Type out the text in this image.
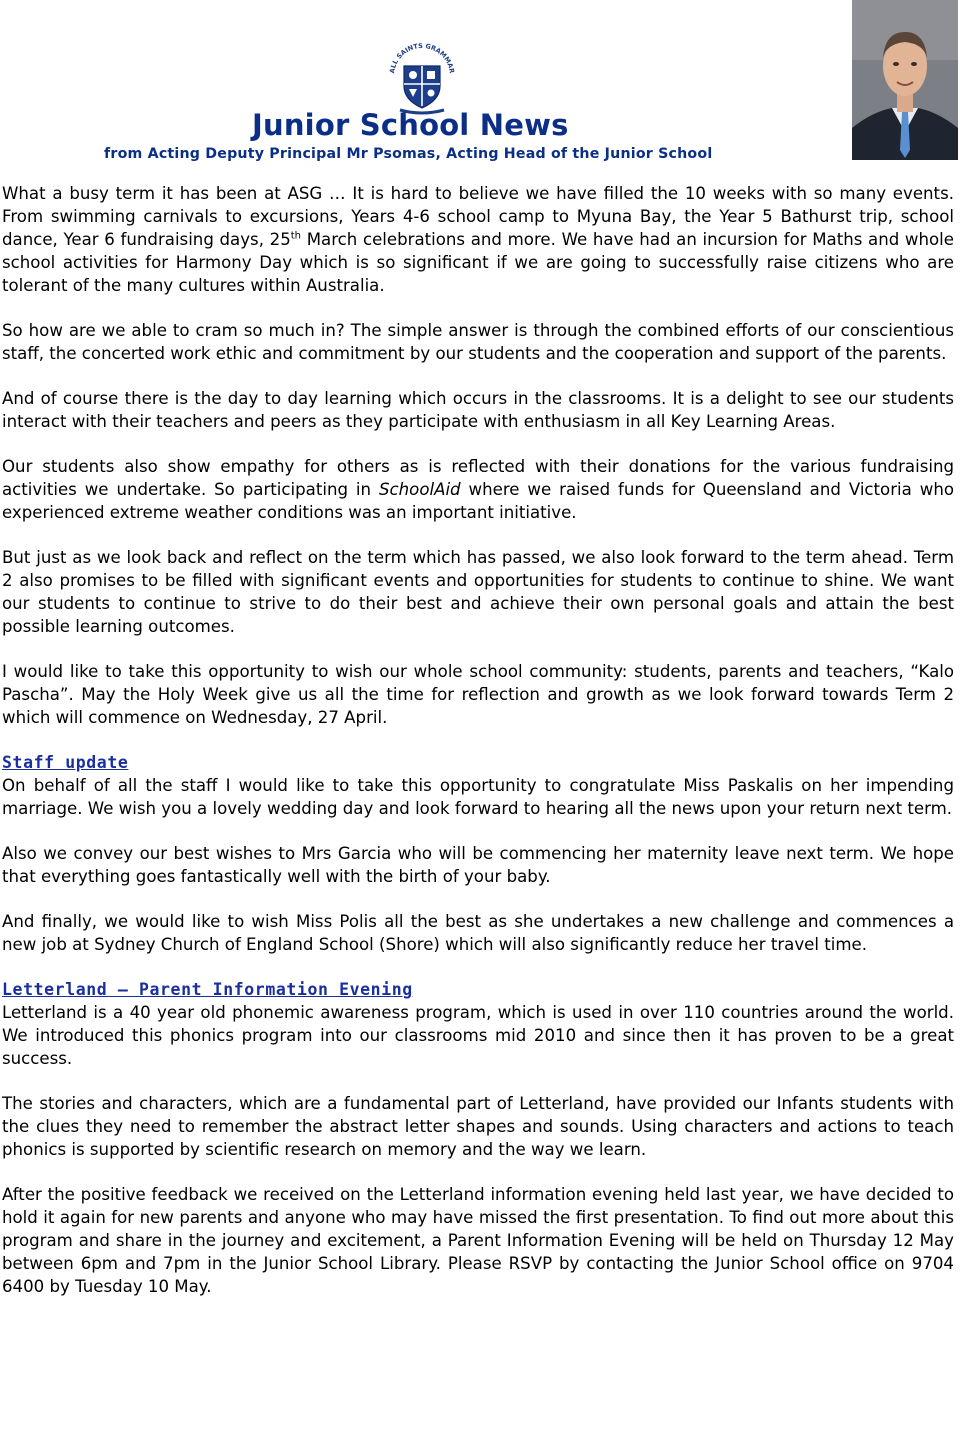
ALL SAINTS GRAMMAR
Junior School News
from Acting Deputy Principal Mr Psomas, Acting Head of the Junior School

What a busy term it has been at ASG … It is hard to believe we have filled the 10 weeks with so many events. From swimming carnivals to excursions, Years 4-6 school camp to Myuna Bay, the Year 5 Bathurst trip, school dance, Year 6 fundraising days, 25th March celebrations and more. We have had an incursion for Maths and whole school activities for Harmony Day which is so significant if we are going to successfully raise citizens who are tolerant of the many cultures within Australia.

So how are we able to cram so much in? The simple answer is through the combined efforts of our conscientious staff, the concerted work ethic and commitment by our students and the cooperation and support of the parents.

And of course there is the day to day learning which occurs in the classrooms. It is a delight to see our students interact with their teachers and peers as they participate with enthusiasm in all Key Learning Areas.

Our students also show empathy for others as is reflected with their donations for the various fundraising activities we undertake. So participating in SchoolAid where we raised funds for Queensland and Victoria who experienced extreme weather conditions was an important initiative.

But just as we look back and reflect on the term which has passed, we also look forward to the term ahead. Term 2 also promises to be filled with significant events and opportunities for students to continue to shine. We want our students to continue to strive to do their best and achieve their own personal goals and attain the best possible learning outcomes.

I would like to take this opportunity to wish our whole school community: students, parents and teachers, “Kalo Pascha”. May the Holy Week give us all the time for reflection and growth as we look forward towards Term 2 which will commence on Wednesday, 27 April.

Staff update

On behalf of all the staff I would like to take this opportunity to congratulate Miss Paskalis on her impending marriage. We wish you a lovely wedding day and look forward to hearing all the news upon your return next term.

Also we convey our best wishes to Mrs Garcia who will be commencing her maternity leave next term. We hope that everything goes fantastically well with the birth of your baby.

And finally, we would like to wish Miss Polis all the best as she undertakes a new challenge and commences a new job at Sydney Church of England School (Shore) which will also significantly reduce her travel time.

Letterland – Parent Information Evening

Letterland is a 40 year old phonemic awareness program, which is used in over 110 countries around the world. We introduced this phonics program into our classrooms mid 2010 and since then it has proven to be a great success.

The stories and characters, which are a fundamental part of Letterland, have provided our Infants students with the clues they need to remember the abstract letter shapes and sounds. Using characters and actions to teach phonics is supported by scientific research on memory and the way we learn.

After the positive feedback we received on the Letterland information evening held last year, we have decided to hold it again for new parents and anyone who may have missed the first presentation. To find out more about this program and share in the journey and excitement, a Parent Information Evening will be held on Thursday 12 May between 6pm and 7pm in the Junior School Library. Please RSVP by contacting the Junior School office on 9704 6400 by Tuesday 10 May.
